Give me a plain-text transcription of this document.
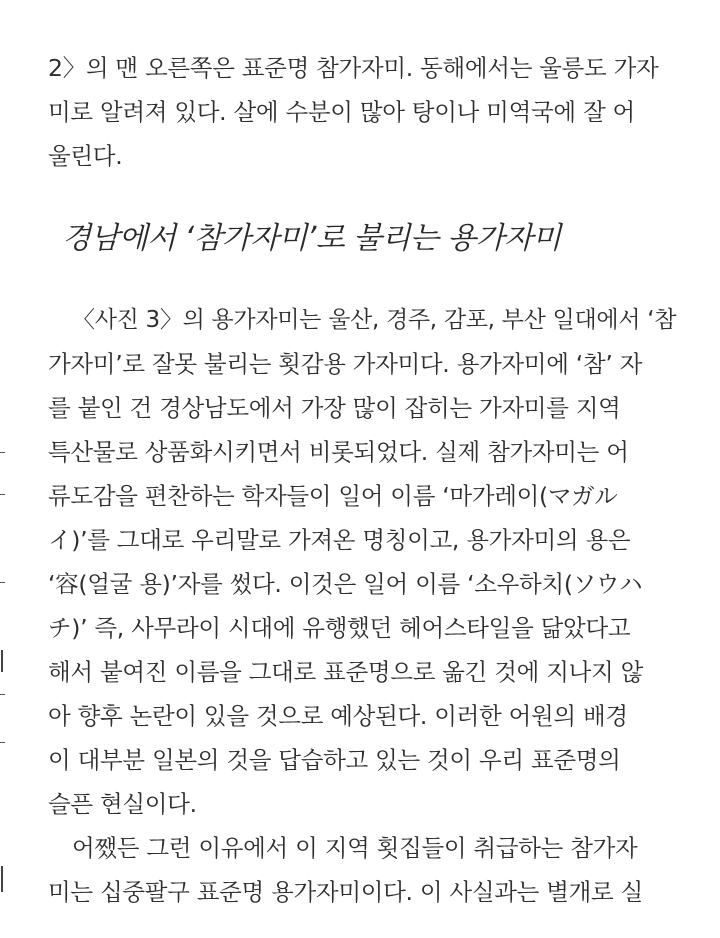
2〉의 맨 오른쪽은 표준명 참가자미. 동해에서는 울릉도 가자
미로 알려져 있다. 살에 수분이 많아 탕이나 미역국에 잘 어
울린다.
경남에서 ‘참가자미’로 불리는 용가자미
〈사진 3〉의 용가자미는 울산, 경주, 감포, 부산 일대에서 ‘참
가자미’로 잘못 불리는 횟감용 가자미다. 용가자미에 ‘참’ 자
를 붙인 건 경상남도에서 가장 많이 잡히는 가자미를 지역
특산물로 상품화시키면서 비롯되었다. 실제 참가자미는 어
류도감을 편찬하는 학자들이 일어 이름 ‘마가레이(マガル
イ)’를 그대로 우리말로 가져온 명칭이고, 용가자미의 용은
‘容(얼굴 용)’자를 썼다. 이것은 일어 이름 ‘소우하치(ソウハ
チ)’ 즉, 사무라이 시대에 유행했던 헤어스타일을 닮았다고
해서 붙여진 이름을 그대로 표준명으로 옮긴 것에 지나지 않
아 향후 논란이 있을 것으로 예상된다. 이러한 어원의 배경
이 대부분 일본의 것을 답습하고 있는 것이 우리 표준명의
슬픈 현실이다.
어쨌든 그런 이유에서 이 지역 횟집들이 취급하는 참가자
미는 십중팔구 표준명 용가자미이다. 이 사실과는 별개로 실
